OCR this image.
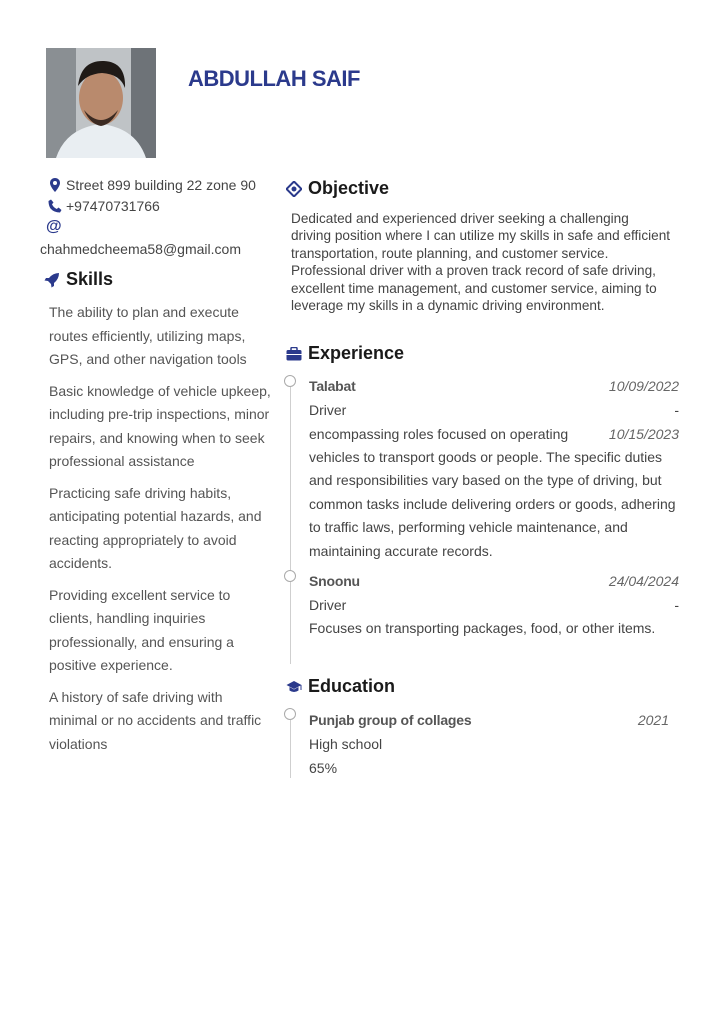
ABDULLAH SAIF
Street 899 building 22 zone 90
+97470731766
@
chahmedcheema58@gmail.com
Skills
The ability to plan and execute routes efficiently, utilizing maps, GPS, and other navigation tools
Basic knowledge of vehicle upkeep, including pre-trip inspections, minor repairs, and knowing when to seek professional assistance
Practicing safe driving habits, anticipating potential hazards, and reacting appropriately to avoid accidents.
Providing excellent service to clients, handling inquiries professionally, and ensuring a positive experience.
A history of safe driving with minimal or no accidents and traffic violations
Objective
Dedicated and experienced driver seeking a challenging driving position where I can utilize my skills in safe and efficient transportation, route planning, and customer service. Professional driver with a proven track record of safe driving, excellent time management, and customer service, aiming to leverage my skills in a dynamic driving environment.
Experience
Talabat	10/09/2022
Driver	-
encompassing roles focused on operating	10/15/2023
vehicles to transport goods or people. The specific duties and responsibilities vary based on the type of driving, but common tasks include delivering orders or goods, adhering to traffic laws, performing vehicle maintenance, and maintaining accurate records.
Snoonu	24/04/2024
Driver	-
Focuses on transporting packages, food, or other items.
Education
Punjab group of collages	2021
High school
65%
